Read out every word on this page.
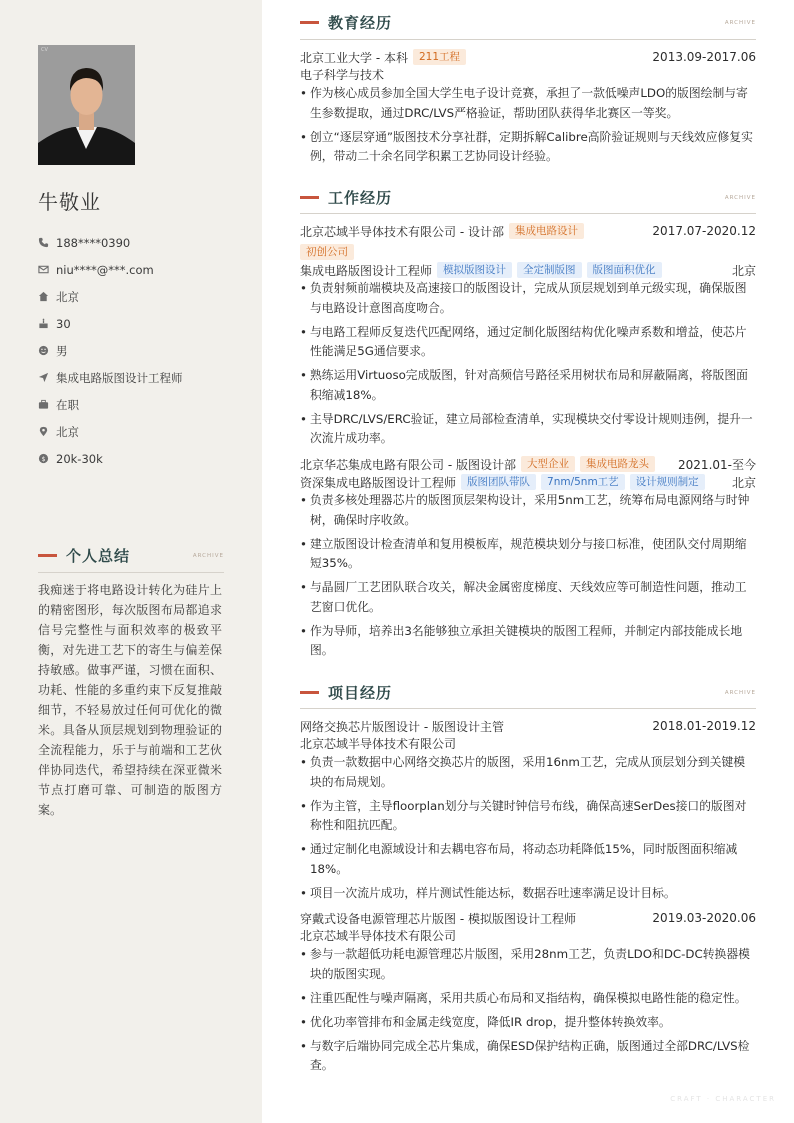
CV
牛敬业
188****0390
niu****@***.com
北京
30
男
集成电路版图设计工程师
在职
北京
$ 20k-30k
个人总结	ARCHIVE
我痴迷于将电路设计转化为硅片上的精密图形，每次版图布局都追求信号完整性与面积效率的极致平衡，对先进工艺下的寄生与偏差保持敏感。做事严谨，习惯在面积、功耗、性能的多重约束下反复推敲细节，不轻易放过任何可优化的微米。具备从顶层规划到物理验证的全流程能力，乐于与前端和工艺伙伴协同迭代，希望持续在深亚微米节点打磨可靠、可制造的版图方案。
教育经历	ARCHIVE
北京工业大学 - 本科	211工程	2013.09-2017.06
电子科学与技术
• 作为核心成员参加全国大学生电子设计竞赛，承担了一款低噪声LDO的版图绘制与寄生参数提取，通过DRC/LVS严格验证，帮助团队获得华北赛区一等奖。
• 创立“逐层穿通”版图技术分享社群，定期拆解Calibre高阶验证规则与天线效应修复实例，带动二十余名同学积累工艺协同设计经验。
工作经历	ARCHIVE
北京芯域半导体技术有限公司 - 设计部	集成电路设计	2017.07-2020.12
初创公司
集成电路版图设计工程师	模拟版图设计	全定制版图	版图面积优化	北京
• 负责射频前端模块及高速接口的版图设计，完成从顶层规划到单元级实现，确保版图与电路设计意图高度吻合。
• 与电路工程师反复迭代匹配网络，通过定制化版图结构优化噪声系数和增益，使芯片性能满足5G通信要求。
• 熟练运用Virtuoso完成版图，针对高频信号路径采用树状布局和屏蔽隔离，将版图面积缩减18%。
• 主导DRC/LVS/ERC验证，建立局部检查清单，实现模块交付零设计规则违例，提升一次流片成功率。
北京华芯集成电路有限公司 - 版图设计部	大型企业	集成电路龙头	2021.01-至今
资深集成电路版图设计工程师	版图团队带队	7nm/5nm工艺	设计规则制定	北京
• 负责多核处理器芯片的版图顶层架构设计，采用5nm工艺，统筹布局电源网络与时钟树，确保时序收敛。
• 建立版图设计检查清单和复用模板库，规范模块划分与接口标准，使团队交付周期缩短35%。
• 与晶圆厂工艺团队联合攻关，解决金属密度梯度、天线效应等可制造性问题，推动工艺窗口优化。
• 作为导师，培养出3名能够独立承担关键模块的版图工程师，并制定内部技能成长地图。
项目经历	ARCHIVE
网络交换芯片版图设计 - 版图设计主管	2018.01-2019.12
北京芯域半导体技术有限公司
• 负责一款数据中心网络交换芯片的版图，采用16nm工艺，完成从顶层划分到关键模块的布局规划。
• 作为主管，主导floorplan划分与关键时钟信号布线，确保高速SerDes接口的版图对称性和阻抗匹配。
• 通过定制化电源域设计和去耦电容布局，将动态功耗降低15%，同时版图面积缩减18%。
• 项目一次流片成功，样片测试性能达标，数据吞吐速率满足设计目标。
穿戴式设备电源管理芯片版图 - 模拟版图设计工程师	2019.03-2020.06
北京芯域半导体技术有限公司
• 参与一款超低功耗电源管理芯片版图，采用28nm工艺，负责LDO和DC-DC转换器模块的版图实现。
• 注重匹配性与噪声隔离，采用共质心布局和叉指结构，确保模拟电路性能的稳定性。
• 优化功率管排布和金属走线宽度，降低IR drop，提升整体转换效率。
• 与数字后端协同完成全芯片集成，确保ESD保护结构正确，版图通过全部DRC/LVS检查。
CRAFT · CHARACTER
